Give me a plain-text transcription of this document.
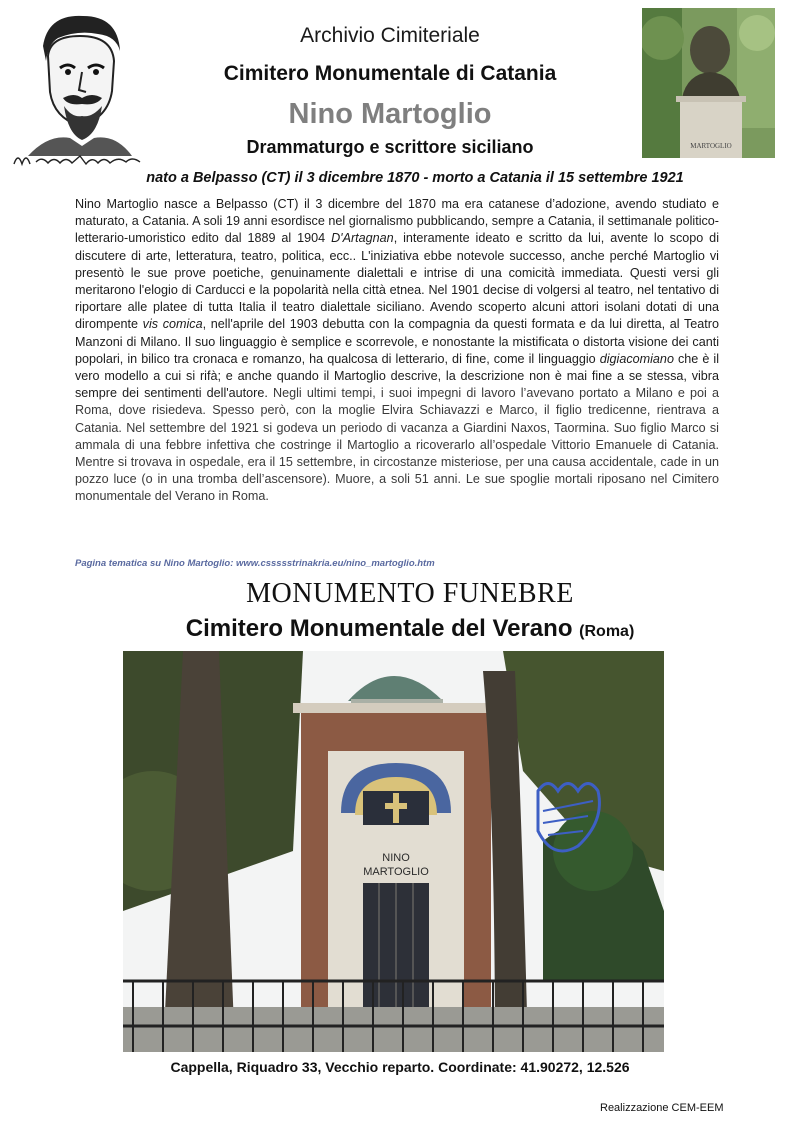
MARTOGLIO
Archivio Cimiteriale
Cimitero Monumentale di Catania
Nino Martoglio
Drammaturgo e scrittore siciliano
nato a Belpasso (CT) il 3 dicembre 1870 - morto a Catania il 15 settembre 1921
Nino Martoglio nasce a Belpasso (CT) il 3 dicembre del 1870 ma era catanese d’adozione, avendo studiato e maturato, a Catania. A soli 19 anni esordisce nel giornalismo pubblicando, sempre a Catania, il settimanale politico-letterario-umoristico edito dal 1889 al 1904 D'Artagnan, interamente ideato e scritto da lui, avente lo scopo di discutere di arte, letteratura, teatro, politica, ecc.. L'iniziativa ebbe notevole successo, anche perché Martoglio vi presentò le sue prove poetiche, genuinamente dialettali e intrise di una comicità immediata. Questi versi gli meritarono l'elogio di Carducci e la popolarità nella città etnea. Nel 1901 decise di volgersi al teatro, nel tentativo di riportare alle platee di tutta Italia il teatro dialettale siciliano. Avendo scoperto alcuni attori isolani dotati di una dirompente vis comica, nell'aprile del 1903 debutta con la compagnia da questi formata e da lui diretta, al Teatro Manzoni di Milano. Il suo linguaggio è semplice e scorrevole, e nonostante la mistificata o distorta visione dei canti popolari, in bilico tra cronaca e romanzo, ha qualcosa di letterario, di fine, come il linguaggio digiacomiano che è il vero modello a cui si rifà; e anche quando il Martoglio descrive, la descrizione non è mai fine a se stessa, vibra sempre dei sentimenti dell'autore. Negli ultimi tempi, i suoi impegni di lavoro l’avevano portato a Milano e poi a Roma, dove risiedeva. Spesso però, con la moglie Elvira Schiavazzi e Marco, il figlio tredicenne, rientrava a Catania. Nel settembre del 1921 si godeva un periodo di vacanza a Giardini Naxos, Taormina. Suo figlio Marco si ammala di una febbre infettiva che costringe il Martoglio a ricoverarlo all’ospedale Vittorio Emanuele di Catania. Mentre si trovava in ospedale, era il 15 settembre, in circostanze misteriose, per una causa accidentale, cade in un pozzo luce (o in una tromba dell’ascensore). Muore, a soli 51 anni. Le sue spoglie mortali riposano nel Cimitero monumentale del Verano in Roma.
Pagina tematica su Nino Martoglio: www.cssssstrinakria.eu/nino_martoglio.htm
MONUMENTO FUNEBRE
Cimitero Monumentale del Verano (Roma)
NINO
MARTOGLIO
Cappella, Riquadro 33, Vecchio reparto. Coordinate: 41.90272, 12.526
Realizzazione CEM-EEM
